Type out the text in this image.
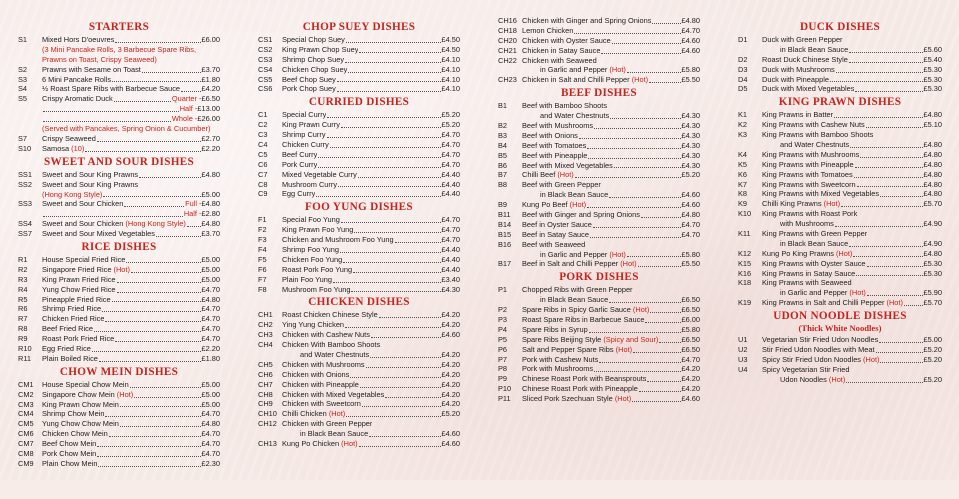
STARTERS
S1	Mixed Hors D'oeuvres	£6.00
(3 Mini Pancake Rolls, 3 Barbecue Spare Ribs,
Prawns on Toast, Crispy Seaweed)
S2	Prawns with Sesame on Toast	£3.70
S3	6 Mini Pancake Rolls	£1.80
S4	½ Roast Spare Ribs with Barbecue Sauce	£4.20
S5	Crispy Aromatic Duck	Quarter - £6.50
Half - £13.00
Whole - £26.00
(Served with Pancakes, Spring Onion & Cucumber)
S7	Crispy Seaweed	£2.70
S10	Samosa (10)	£2.20
SWEET AND SOUR DISHES
SS1	Sweet and Sour King Prawns	£4.80
SS2	Sweet and Sour King Prawns
(Hong Kong Style)	£5.00
SS3	Sweet and Sour Chicken	Full - £4.80
Half - £2.80
SS4	Sweet and Sour Chicken (Hong Kong Style) £4.80
SS7	Sweet and Sour Mixed Vegetables	£3.70
RICE DISHES
R1	House Special Fried Rice	£5.00
R2	Singapore Fried Rice (Hot)	£5.00
R3	King Prawn Fried Rice	£5.00
R4	Yung Chow Fried Rice	£4.70
R5	Pineapple Fried Rice	£4.80
R6	Shrimp Fried Rice	£4.70
R7	Chicken Fried Rice	£4.70
R8	Beef Fried Rice	£4.70
R9	Roast Pork Fried Rice	£4.70
R10	Egg Fried Rice	£2.20
R11	Plain Boiled Rice	£1.80
CHOW MEIN DISHES
CM1	House Special Chow Mein	£5.00
CM2	Singapore Chow Mein (Hot)	£5.00
CM3	King Prawn Chow Mein	£5.00
CM4	Shrimp Chow Mein	£4.70
CM5	Yung Chow Chow Mein	£4.80
CM6	Chicken Chow Mein	£4.70
CM7	Beef Chow Mein	£4.70
CM8	Pork Chow Mein	£4.70
CM9	Plain Chow Mein	£2.30
CHOP SUEY DISHES
CS1	Special Chop Suey	£4.50
CS2	King Prawn Chop Suey	£4.50
CS3	Shrimp Chop Suey	£4.10
CS4	Chicken Chop Suey	£4.10
CS5	Beef Chop Suey	£4.10
CS6	Pork Chop Suey	£4.10
CURRIED DISHES
C1	Special Curry	£5.20
C2	King Prawn Curry	£5.20
C3	Shrimp Curry	£4.70
C4	Chicken Curry	£4.70
C5	Beef Curry	£4.70
C6	Pork Curry	£4.70
C7	Mixed Vegetable Curry	£4.40
C8	Mushroom Curry	£4.40
C9	Egg Curry	£4.40
FOO YUNG DISHES
F1	Special Foo Yung	£4.70
F2	King Prawn Foo Yung	£4.70
F3	Chicken and Mushroom Foo Yung	£4.70
F4	Shrimp Foo Yung	£4.40
F5	Chicken Foo Yung	£4.40
F6	Roast Pork Foo Yung	£4.40
F7	Plain Foo Yung	£3.40
F8	Mushroom Foo Yung	£4.30
CHICKEN DISHES
CH1	Roast Chicken Chinese Style	£4.20
CH2	Ying Yung Chicken	£4.20
CH3	Chicken with Cashew Nuts	£4.60
CH4	Chicken With Bamboo Shoots
and Water Chestnuts	£4.20
CH5	Chicken with Mushrooms	£4.20
CH6	Chicken with Onions	£4.20
CH7	Chicken with Pineapple	£4.20
CH8	Chicken with Mixed Vegetables	£4.20
CH9	Chicken with Sweetcorn	£4.20
CH10 Chilli Chicken (Hot)	£5.20
CH12 Chicken with Green Pepper
in Black Bean Sauce	£4.60
CH13 Kung Po Chicken (Hot)	£4.60
CH16 Chicken with Ginger and Spring Onions	£4.80
CH18 Lemon Chicken	£4.70
CH20 Chicken with Oyster Sauce	£4.60
CH21 Chicken in Satay Sauce	£4.60
CH22 Chicken with Seaweed
in Garlic and Pepper (Hot)	£5.80
CH23 Chicken in Salt and Chilli Pepper (Hot)	£5.50
BEEF DISHES
B1	Beef with Bamboo Shoots
and Water Chestnuts	£4.30
B2	Beef with Mushrooms	£4.30
B3	Beef with Onions	£4.30
B4	Beef with Tomatoes	£4.30
B5	Beef with Pineapple	£4.30
B6	Beef with Mixed Vegetables	£4.30
B7	Chilli Beef (Hot)	£5.20
B8	Beef with Green Pepper
in Black Bean Sauce	£4.60
B9	Kung Po Beef (Hot)	£4.60
B11	Beef with Ginger and Spring Onions	£4.80
B14	Beef in Oyster Sauce	£4.70
B15	Beef in Satay Sauce	£4.70
B16	Beef with Seaweed
in Garlic and Pepper (Hot)	£5.80
B17	Beef in Salt and Chilli Pepper (Hot)	£5.50
PORK DISHES
P1	Chopped Ribs with Green Pepper
in Black Bean Sauce	£6.50
P2	Spare Ribs in Spicy Garlic Sauce (Hot)	£6.50
P3	Roast Spare Ribs in Barbecue Sauce	£6.00
P4	Spare Ribs in Syrup	£5.80
P5	Spare Ribs Beijing Style (Spicy and Sour)	£6.50
P6	Salt and Pepper Spare Ribs (Hot)	£6.50
P7	Pork with Cashew Nuts	£4.70
P8	Pork with Mushrooms	£4.20
P9	Chinese Roast Pork with Beansprouts	£4.20
P10	Chinese Roast Pork with Pineapple	£4.20
P11	Sliced Pork Szechuan Style (Hot)	£4.60
DUCK DISHES
D1	Duck with Green Pepper
in Black Bean Sauce	£5.60
D2	Roast Duck Chinese Style	£5.40
D3	Duck with Mushrooms	£5.30
D4	Duck with Pineapple	£5.30
D5	Duck with Mixed Vegetables	£5.30
KING PRAWN DISHES
K1	King Prawns in Batter	£4.80
K2	King Prawns with Cashew Nuts	£5.10
K3	King Prawns with Bamboo Shoots
and Water Chestnuts	£4.80
K4	King Prawns with Mushrooms	£4.80
K5	King Prawns with Pineapple	£4.80
K6	King Prawns with Tomatoes	£4.80
K7	King Prawns with Sweetcorn	£4.80
K8	King Prawns with Mixed Vegetables	£4.80
K9	Chilli King Prawns (Hot)	£5.70
K10	King Prawns with Roast Pork
with Mushrooms	£4.90
K11	King Prawns with Green Pepper
in Black Bean Sauce	£4.90
K12	Kung Po King Prawns (Hot)	£4.80
K15	King Prawns with Oyster Sauce	£5.30
K16	King Prawns in Satay Sauce	£5.30
K18	King Prawns with Seaweed
in Garlic and Pepper (Hot)	£5.90
K19	King Prawns in Salt and Chilli Pepper (Hot)	£5.70
UDON NOODLE DISHES
(Thick White Noodles)
U1	Vegetarian Stir Fried Udon Noodles	£5.00
U2	Stir Fried Udon Noodles with Meat	£5.20
U3	Spicy Stir Fried Udon Noodles (Hot)	£5.20
U4	Spicy Vegetarian Stir Fried
Udon Noodles (Hot)	£5.20
